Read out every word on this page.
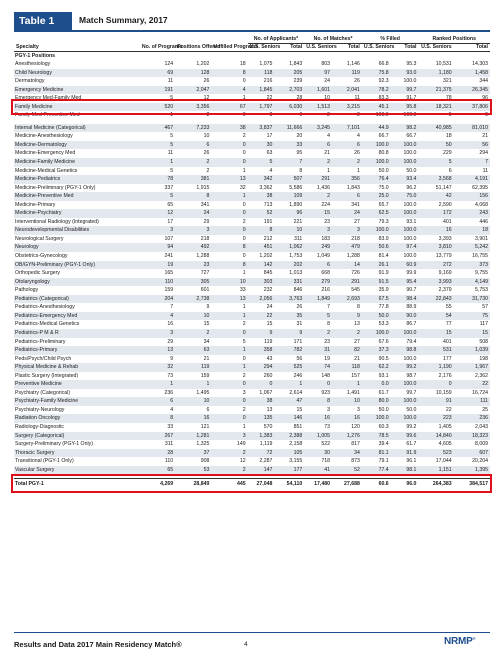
Table 1	Match Summary, 2017
				No. of Applicants*		No. of Matches*		% Filled		Ranked Positions	
Specialty	No. of Programs	Positions Offered	Unfilled Programs	U.S. Seniors	Total	U.S. Seniors	Total	U.S. Seniors	Total	U.S. Seniors	Total
PGY-1 Positions											
Anesthesiology	124	1,202	18	1,075	1,843	803	1,146	66.8	95.3	10,531	14,303
Child Neurology	69	128	8	118	205	97	119	75.8	93.0	1,180	1,458
Dermatology	11	26	0	216	239	24	26	92.3	100.0	321	344
Emergency Medicine	191	2,047	4	1,845	2,703	1,601	2,041	78.2	99.7	21,375	26,345
Emergency Med-Family Med	5	12	1	22	28	10	11	83.3	91.7	78	96
Family Medicine	520	3,356	67	1,797	6,030	1,513	3,215	45.1	95.8	18,321	37,806
Family Med-Preventive Med	1	2	0	3	6	2	2	100.0	100.0	5	9

Internal Medicine (Categorical)	467	7,233	38	3,837	11,666	3,245	7,101	44.9	98.2	40,985	81,010
Medicine-Anesthesiology	5	10	2	17	20	4	4	66.7	66.7	18	21
Medicine-Dermatology	5	6	0	30	33	6	6	100.0	100.0	50	56
Medicine-Emergency Med	11	26	0	63	95	21	26	80.8	100.0	229	294
Medicine-Family Medicine	1	2	0	5	7	2	2	100.0	100.0	5	7
Medicine-Medical Genetics	5	2	1	4	8	1	1	50.0	50.0	6	11
Medicine-Pediatrics	78	381	13	342	507	291	356	76.4	93.4	3,568	4,191
Medicine-Preliminary (PGY-1 Only)	337	1,915	32	3,362	5,586	1,436	1,843	75.0	96.2	51,147	62,395
Medicine-Preventive Med	5	8	1	38	109	2	6	25.0	75.0	42	156
Medicine-Primary	65	341	0	713	1,890	224	341	65.7	100.0	2,590	4,068
Medicine-Psychiatry	12	24	0	52	96	15	24	62.5	100.0	172	243
Interventional Radiology (Integrated)	17	29	2	191	221	23	27	79.3	93.1	401	446
Neurodevelopmental Disabilities	3	3	0	8	10	3	3	100.0	100.0	16	18
Neurological Surgery	107	218	0	212	311	183	218	83.9	100.0	3,393	3,901
Neurology	94	492	8	451	1,062	249	479	50.6	97.4	3,810	5,242
Obstetrics-Gynecology	241	1,288	0	1,202	1,753	1,049	1,288	81.4	100.0	13,779	16,755
OB/GYN-Preliminary (PGY-1 Only)	19	23	8	142	202	6	14	26.1	60.9	272	373
Orthopedic Surgery	165	727	1	845	1,013	668	726	91.9	99.9	9,169	9,755
Otolaryngology	110	305	10	303	331	279	291	91.5	95.4	3,993	4,149
Pathology	159	601	33	232	846	216	545	35.9	90.7	2,379	5,753
Pediatrics (Categorical)	204	2,738	13	2,056	3,763	1,849	2,693	67.5	98.4	22,843	31,730
Pediatrics-Anesthesiology	7	9	1	24	26	7	8	77.8	88.9	55	57
Pediatrics-Emergency Med	4	10	1	22	35	5	9	50.0	90.0	54	75
Pediatrics-Medical Genetics	16	15	2	15	31	8	13	53.3	86.7	77	117
Pediatrics-P M & R	3	2	0	9	9	2	2	100.0	100.0	15	15
Pediatrics-Preliminary	29	34	5	119	171	23	27	67.6	79.4	401	508
Pediatrics-Primary	13	63	1	358	782	31	82	37.3	98.8	531	1,039
Peds/Psych/Child Psych	9	21	0	43	56	19	21	90.5	100.0	177	198
Physical Medicine & Rehab	32	119	1	294	525	74	118	62.2	99.2	1,190	1,967
Plastic Surgery (Integrated)	73	159	2	260	246	148	157	93.1	98.7	2,176	2,362
Preventive Medicine	1	1	0	0	1	0	1	0.0	100.0	0	22
Psychiatry (Categorical)	236	1,495	3	1,067	2,614	923	1,491	61.7	99.7	10,159	16,724
Psychiatry-Family Medicine	6	10	0	38	47	8	10	80.0	100.0	91	111
Psychiatry-Neurology	4	6	2	13	15	3	3	50.0	50.0	22	25
Radiation Oncology	8	16	0	135	146	16	16	100.0	100.0	223	236
Radiology-Diagnostic	33	121	1	570	851	73	120	60.3	99.2	1,405	2,043
Surgery (Categorical)	267	1,281	3	1,383	2,388	1,005	1,276	78.5	99.6	14,840	18,323
Surgery-Preliminary (PGY-1 Only)	311	1,325	149	1,119	2,158	522	817	39.4	61.7	4,605	8,009
Thoracic Surgery	28	37	2	72	105	30	34	81.1	91.9	523	607
Transitional (PGY-1 Only)	110	908	12	2,287	3,155	718	873	79.1	96.1	17,044	20,204
Vascular Surgery	65	53	2	147	177	41	52	77.4	98.1	1,151	1,395

Total PGY-1	4,269	28,849	445	27,048	54,110	17,480	27,688	60.6	96.0	264,383	384,517
Results and Data 2017 Main Residency Match®	4	NRMP®
